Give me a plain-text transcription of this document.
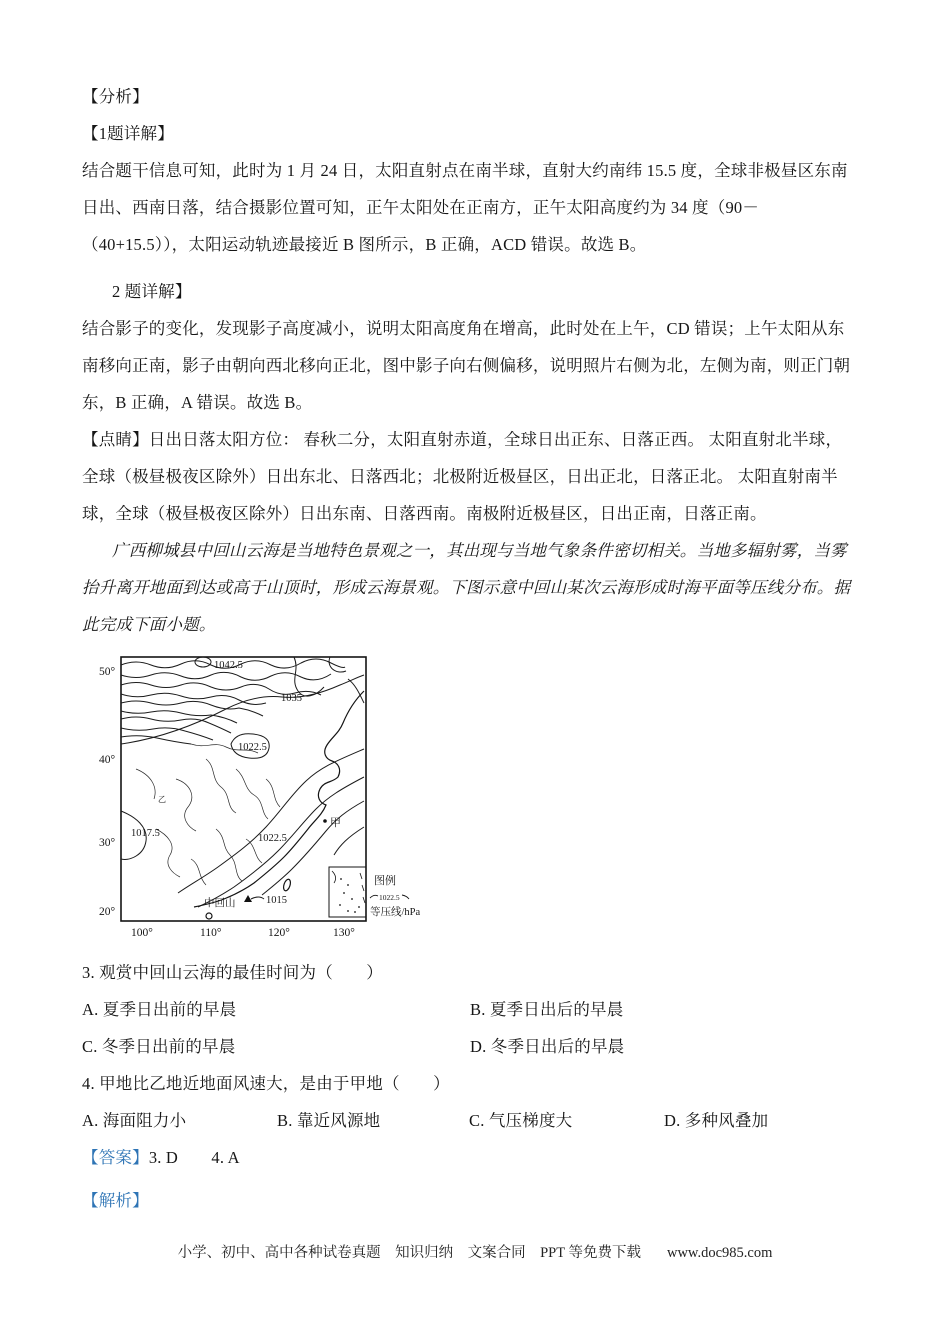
【分析】
【1题详解】
结合题干信息可知，此时为 1 月 24 日，太阳直射点在南半球，直射大约南纬 15.5 度，全球非极昼区东南
日出、西南日落，结合摄影位置可知，正午太阳处在正南方，正午太阳高度约为 34 度（90－
（40+15.5）），太阳运动轨迹最接近 B 图所示，B 正确，ACD 错误。故选 B。
2 题详解】
结合影子的变化，发现影子高度减小，说明太阳高度角在增高，此时处在上午，CD 错误；上午太阳从东
南移向正南，影子由朝向西北移向正北，图中影子向右侧偏移，说明照片右侧为北，左侧为南，则正门朝
东，B 正确，A 错误。故选 B。
【点睛】日出日落太阳方位： 春秋二分，太阳直射赤道，全球日出正东、日落正西。 太阳直射北半球，
全球（极昼极夜区除外）日出东北、日落西北；北极附近极昼区，日出正北，日落正北。 太阳直射南半
球，全球（极昼极夜区除外）日出东南、日落西南。南极附近极昼区，日出正南，日落正南。
广西柳城县中回山云海是当地特色景观之一，其出现与当地气象条件密切相关。当地多辐射雾，当雾
抬升离开地面到达或高于山顶时，形成云海景观。下图示意中回山某次云海形成时海平面等压线分布。据
此完成下面小题。
1042.5
1035
1022.5
1017.5	1022.5
1015
甲
乙
中回山
图例
1022.5
等压线/hPa
50°
40°
30°
20°
100°	110°	120°	130°
3. 观赏中回山云海的最佳时间为（　　）
A. 夏季日出前的早晨	B. 夏季日出后的早晨
C. 冬季日出前的早晨	D. 冬季日出后的早晨
4. 甲地比乙地近地面风速大，是由于甲地（　　）
A. 海面阻力小	B. 靠近风源地	C. 气压梯度大	D. 多种风叠加
【答案】3. D　　4. A
【解析】
小学、初中、高中各种试卷真题　知识归纳　文案合同　PPT 等免费下载 www.doc985.com
